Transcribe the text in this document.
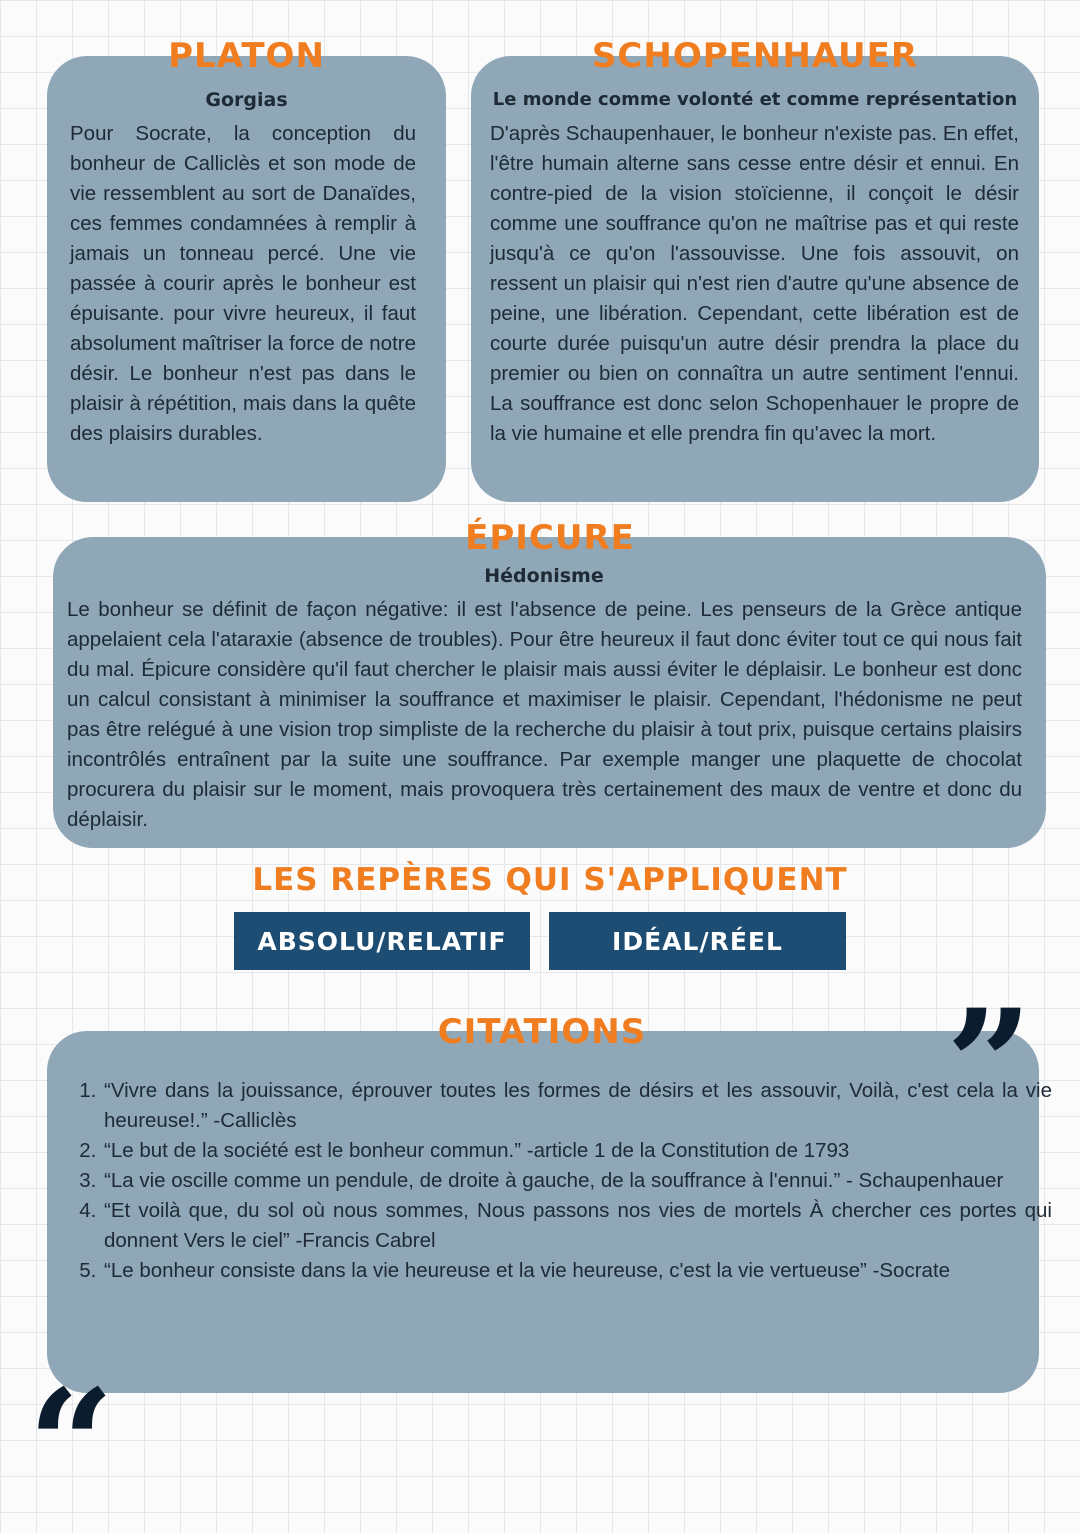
PLATON
Gorgias

Pour Socrate, la conception du bonheur de Calliclès et son mode de vie ressemblent au sort de Danaïdes, ces femmes condamnées à remplir à jamais un tonneau percé. Une vie passée à courir après le bonheur est épuisante. pour vivre heureux, il faut absolument maîtriser la force de notre désir. Le bonheur n'est pas dans le plaisir à répétition, mais dans la quête des plaisirs durables.

SCHOPENHAUER
Le monde comme volonté et comme représentation

D'après Schaupenhauer, le bonheur n'existe pas. En effet, l'être humain alterne sans cesse entre désir et ennui. En contre-pied de la vision stoïcienne, il conçoit le désir comme une souffrance qu'on ne maîtrise pas et qui reste jusqu'à ce qu'on l'assouvisse. Une fois assouvit, on ressent un plaisir qui n'est rien d'autre qu'une absence de peine, une libération. Cependant, cette libération est de courte durée puisqu'un autre désir prendra la place du premier ou bien on connaîtra un autre sentiment l'ennui. La souffrance est donc selon Schopenhauer le propre de la vie humaine et elle prendra fin qu'avec la mort.

ÉPICURE
Hédonisme

Le bonheur se définit de façon négative: il est l'absence de peine. Les penseurs de la Grèce antique appelaient cela l'ataraxie (absence de troubles). Pour être heureux il faut donc éviter tout ce qui nous fait du mal. Épicure considère qu'il faut chercher le plaisir mais aussi éviter le déplaisir. Le bonheur est donc un calcul consistant à minimiser la souffrance et maximiser le plaisir. Cependant, l'hédonisme ne peut pas être relégué à une vision trop simpliste de la recherche du plaisir à tout prix, puisque certains plaisirs incontrôlés entraînent par la suite une souffrance. Par exemple manger une plaquette de chocolat procurera du plaisir sur le moment, mais provoquera très certainement des maux de ventre et donc du déplaisir.

LES REPÈRES QUI S'APPLIQUENT
ABSOLU/RELATIF	IDÉAL/RÉEL
CITATIONS ”
1. “Vivre dans la jouissance, éprouver toutes les formes de désirs et les assouvir, Voilà, c'est cela la vie heureuse!.” -Calliclès
2. “Le but de la société est le bonheur commun.” -article 1 de la Constitution de 1793
3. “La vie oscille comme un pendule, de droite à gauche, de la souffrance à l'ennui.” - Schaupenhauer
4. “Et voilà que, du sol où nous sommes, Nous passons nos vies de mortels À chercher ces portes qui donnent Vers le ciel” -Francis Cabrel
5. “Le bonheur consiste dans la vie heureuse et la vie heureuse, c'est la vie vertueuse” -Socrate
“
